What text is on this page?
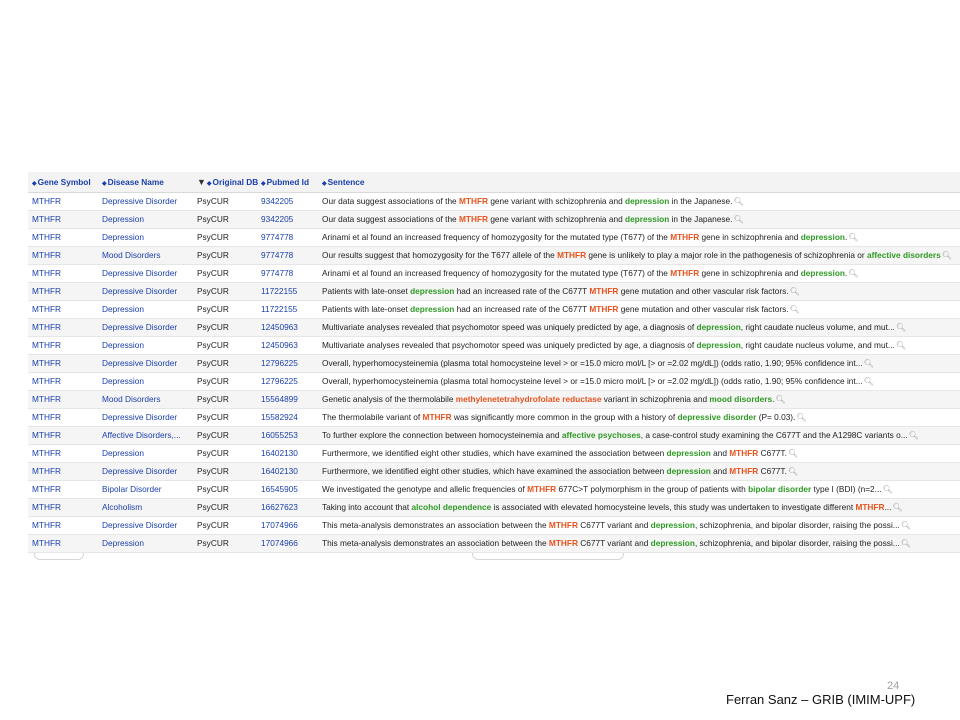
◆Gene Symbol	◆Disease Name	▼◆Original DB	◆Pubmed Id	◆Sentence
MTHFR	Depressive Disorder	PsyCUR	9342205	Our data suggest associations of the MTHFR gene variant with schizophrenia and depression in the Japanese.🔍︎
MTHFR	Depression	PsyCUR	9342205	Our data suggest associations of the MTHFR gene variant with schizophrenia and depression in the Japanese.🔍︎
MTHFR	Depression	PsyCUR	9774778	Arinami et al found an increased frequency of homozygosity for the mutated type (T677) of the MTHFR gene in schizophrenia and depression.🔍︎
MTHFR	Mood Disorders	PsyCUR	9774778	Our results suggest that homozygosity for the T677 allele of the MTHFR gene is unlikely to play a major role in the pathogenesis of schizophrenia or affective disorders🔍︎
MTHFR	Depressive Disorder	PsyCUR	9774778	Arinami et al found an increased frequency of homozygosity for the mutated type (T677) of the MTHFR gene in schizophrenia and depression.🔍︎
MTHFR	Depressive Disorder	PsyCUR	11722155	Patients with late-onset depression had an increased rate of the C677T MTHFR gene mutation and other vascular risk factors.🔍︎
MTHFR	Depression	PsyCUR	11722155	Patients with late-onset depression had an increased rate of the C677T MTHFR gene mutation and other vascular risk factors.🔍︎
MTHFR	Depressive Disorder	PsyCUR	12450963	Multivariate analyses revealed that psychomotor speed was uniquely predicted by age, a diagnosis of depression, right caudate nucleus volume, and mut...🔍︎
MTHFR	Depression	PsyCUR	12450963	Multivariate analyses revealed that psychomotor speed was uniquely predicted by age, a diagnosis of depression, right caudate nucleus volume, and mut...🔍︎
MTHFR	Depressive Disorder	PsyCUR	12796225	Overall, hyperhomocysteinemia (plasma total homocysteine level > or =15.0 micro mol/L [> or =2.02 mg/dL]) (odds ratio, 1.90; 95% confidence int...🔍︎
MTHFR	Depression	PsyCUR	12796225	Overall, hyperhomocysteinemia (plasma total homocysteine level > or =15.0 micro mol/L [> or =2.02 mg/dL]) (odds ratio, 1.90; 95% confidence int...🔍︎
MTHFR	Mood Disorders	PsyCUR	15564899	Genetic analysis of the thermolabile methylenetetrahydrofolate reductase variant in schizophrenia and mood disorders.🔍︎
MTHFR	Depressive Disorder	PsyCUR	15582924	The thermolabile variant of MTHFR was significantly more common in the group with a history of depressive disorder (P= 0.03).🔍︎
MTHFR	Affective Disorders,...	PsyCUR	16055253	To further explore the connection between homocysteinemia and affective psychoses, a case-control study examining the C677T and the A1298C variants o...🔍︎
MTHFR	Depression	PsyCUR	16402130	Furthermore, we identified eight other studies, which have examined the association between depression and MTHFR C677T.🔍︎
MTHFR	Depressive Disorder	PsyCUR	16402130	Furthermore, we identified eight other studies, which have examined the association between depression and MTHFR C677T.🔍︎
MTHFR	Bipolar Disorder	PsyCUR	16545905	We investigated the genotype and allelic frequencies of MTHFR 677C>T polymorphism in the group of patients with bipolar disorder type I (BDI) (n=2...🔍︎
MTHFR	Alcoholism	PsyCUR	16627623	Taking into account that alcohol dependence is associated with elevated homocysteine levels, this study was undertaken to investigate different MTHFR...🔍︎
MTHFR	Depressive Disorder	PsyCUR	17074966	This meta-analysis demonstrates an association between the MTHFR C677T variant and depression, schizophrenia, and bipolar disorder, raising the possi...🔍︎
MTHFR	Depression	PsyCUR	17074966	This meta-analysis demonstrates an association between the MTHFR C677T variant and depression, schizophrenia, and bipolar disorder, raising the possi...🔍︎
24
Ferran Sanz – GRIB (IMIM-UPF)
